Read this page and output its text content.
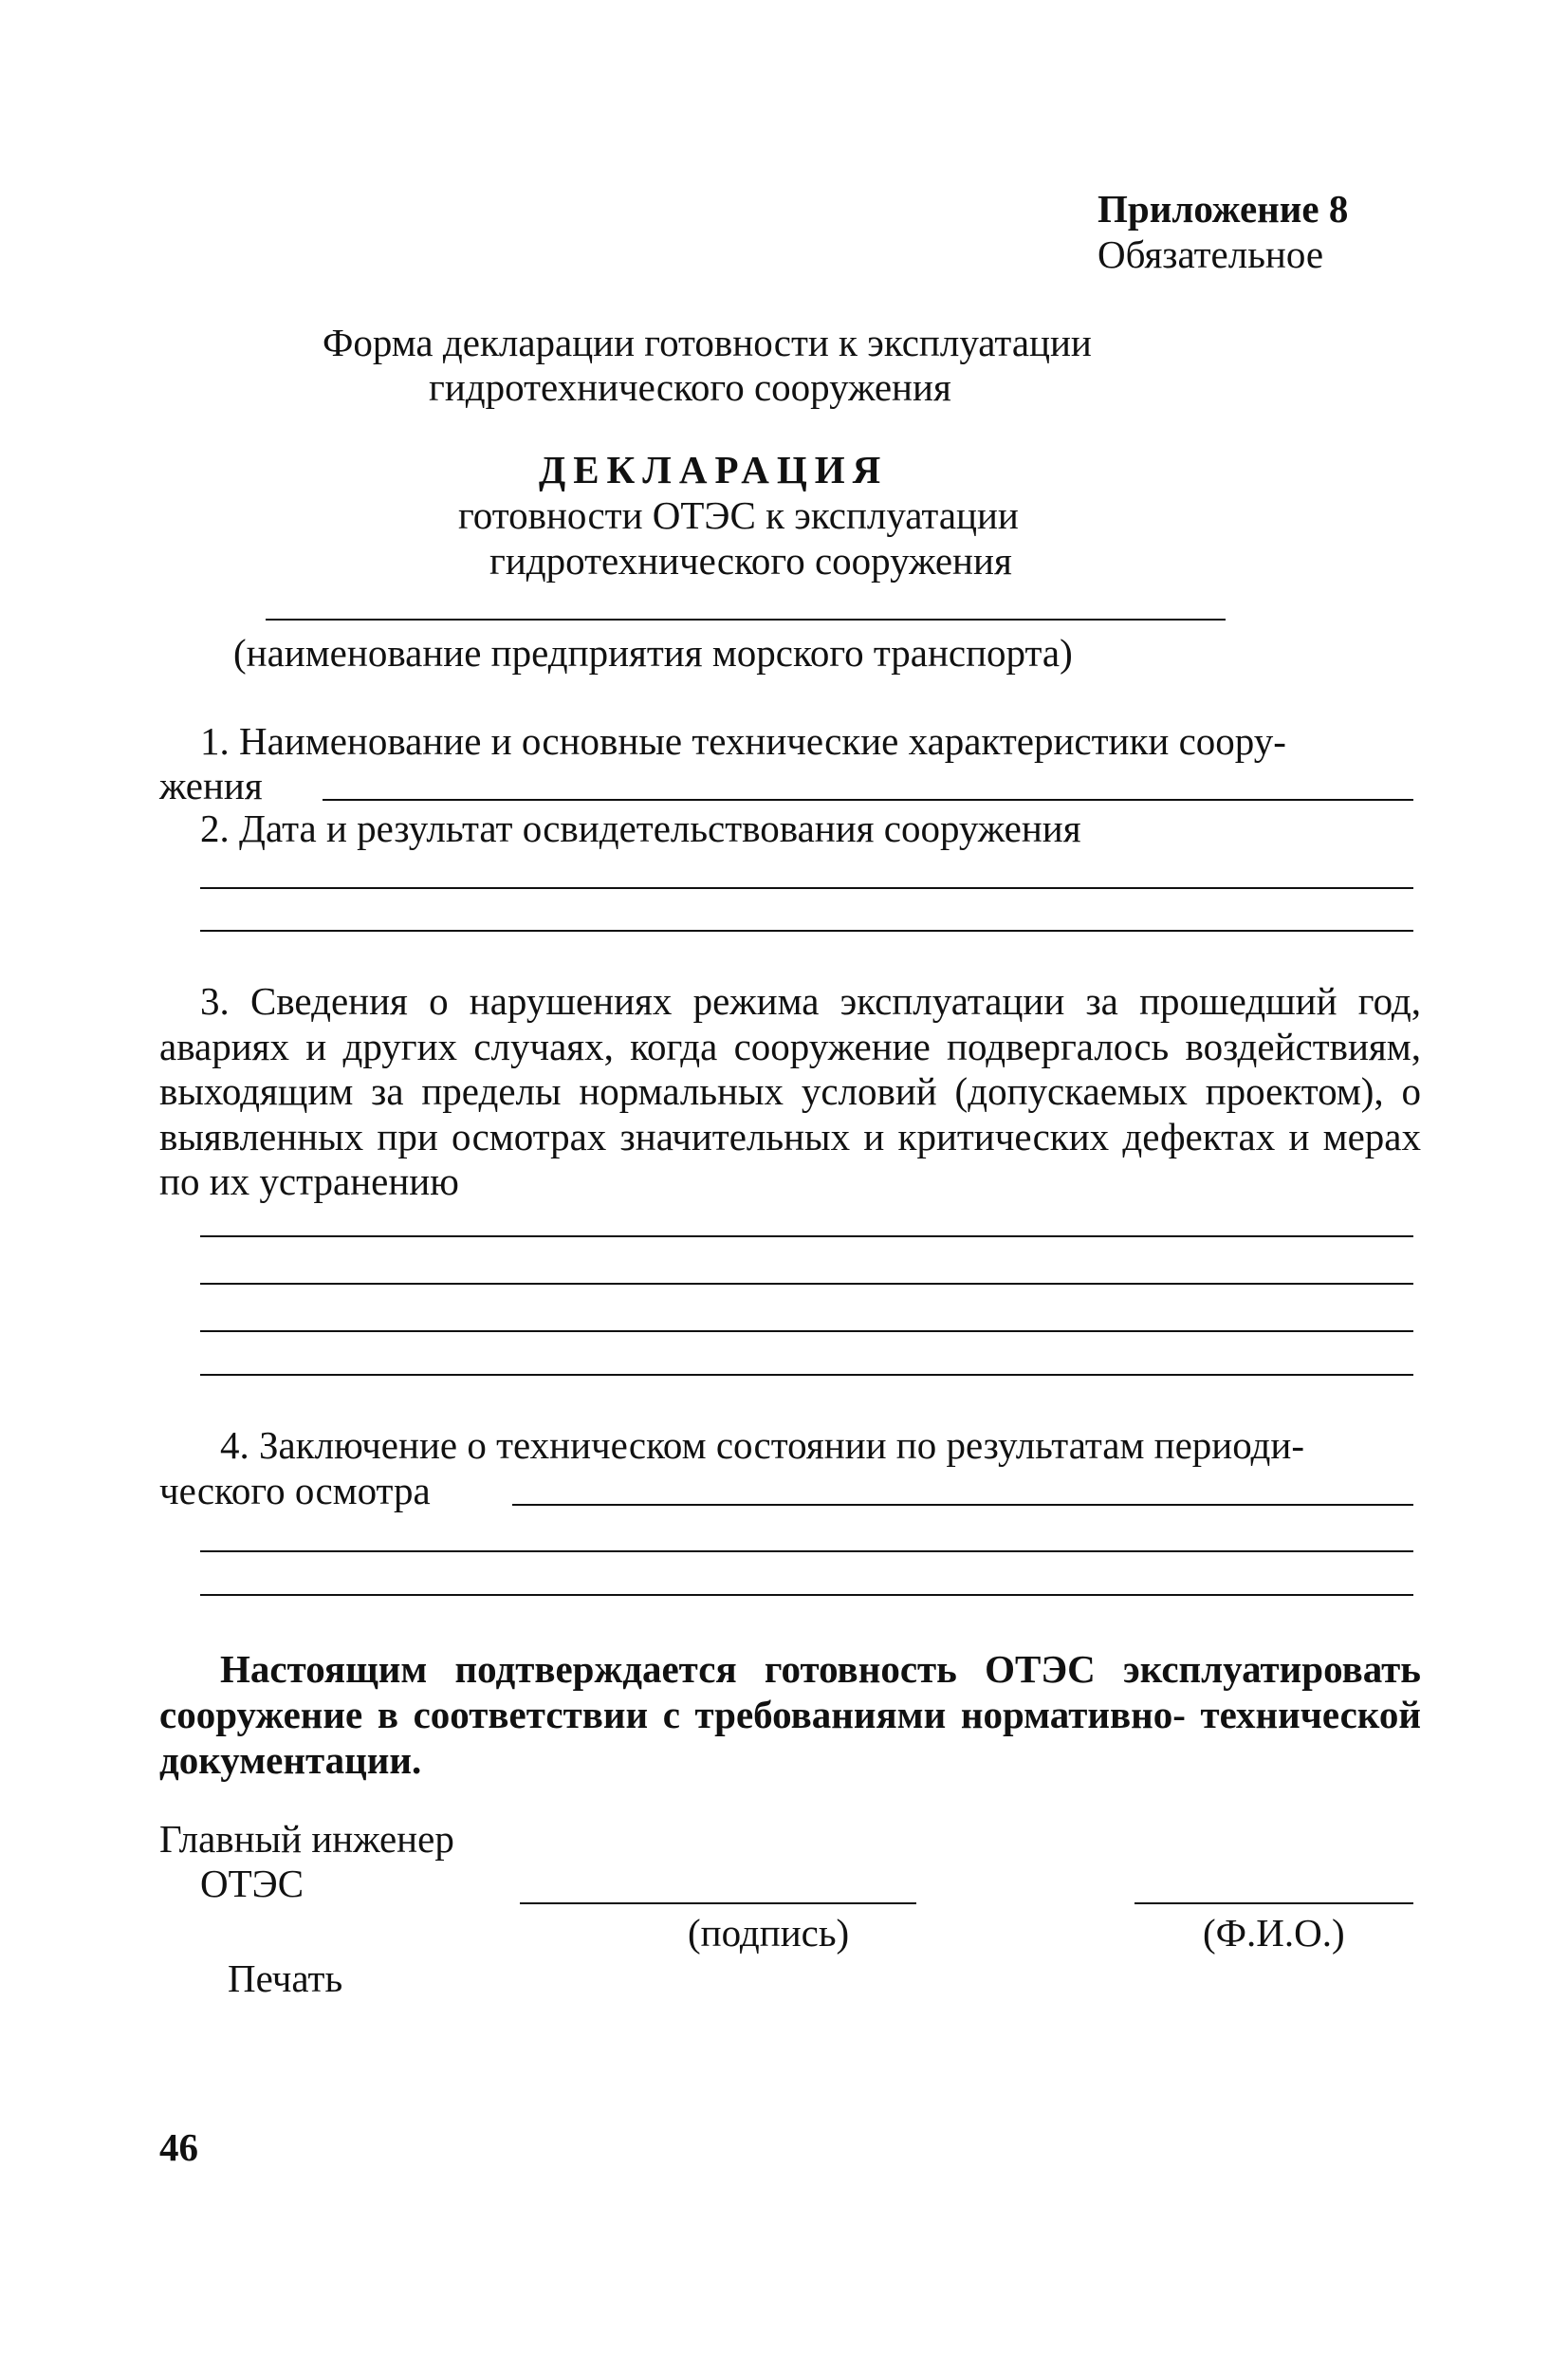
Приложение 8
Обязательное
Форма декларации готовности к эксплуатации
гидротехнического сооружения
ДЕКЛАРАЦИЯ
готовности ОТЭС к эксплуатации
гидротехнического сооружения
(наименование предприятия морского транспорта)
1. Наименование и основные технические характеристики соору-
жения
2. Дата и результат освидетельствования сооружения
3. Сведения о нарушениях режима эксплуатации за прошедший год, авариях и других случаях, когда сооружение подвергалось воздействиям, выходящим за пределы нормальных условий (допускаемых проектом), о выявленных при осмотрах значительных и критических дефектах и мерах по их устранению
4. Заключение о техническом состоянии по результатам периоди-
ческого осмотра
Настоящим подтверждается готовность ОТЭС эксплуатировать сооружение в соответствии с требованиями нормативно- технической документации.
Главный инженер
ОТЭС
(подпись)	(Ф.И.О.)
Печать
46
